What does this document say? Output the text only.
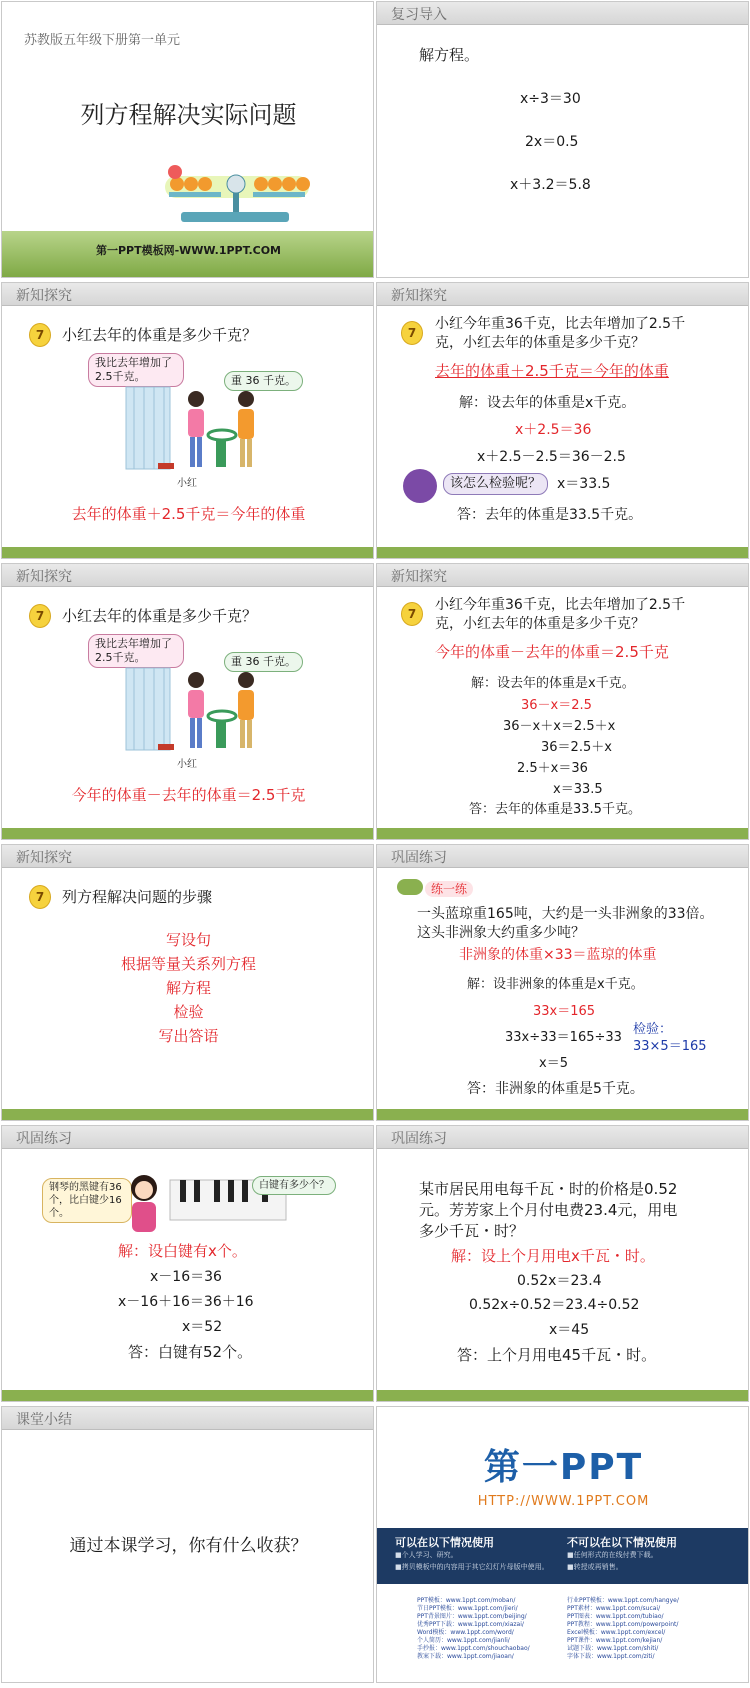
苏教版五年级下册第一单元
列方程解决实际问题
第一PPT模板网-WWW.1PPT.COM
复习导入
解方程。
x÷3＝30
2x＝0.5
x＋3.2＝5.8
新知探究
7	小红去年的体重是多少千克？
我比去年增加了2.5千克。	重 36 千克。
小红
去年的体重＋2.5千克＝今年的体重
新知探究
7
小红今年重36千克，比去年增加了2.5千
克，小红去年的体重是多少千克？
去年的体重＋2.5千克＝今年的体重
解：设去年的体重是x千克。
x＋2.5＝36
x＋2.5－2.5＝36－2.5
该怎么检验呢？	x＝33.5
答：去年的体重是33.5千克。
新知探究
7	小红去年的体重是多少千克？
我比去年增加了2.5千克。	重 36 千克。
小红
今年的体重－去年的体重＝2.5千克
新知探究
7
小红今年重36千克，比去年增加了2.5千
克，小红去年的体重是多少千克？
今年的体重－去年的体重＝2.5千克
解：设去年的体重是x千克。
36－x＝2.5
36－x＋x＝2.5＋x
36＝2.5＋x
2.5＋x＝36
x＝33.5
答：去年的体重是33.5千克。
新知探究
7	列方程解决问题的步骤
写设句
根据等量关系列方程
解方程
检验
写出答语
巩固练习
练一练
一头蓝琼重165吨，大约是一头非洲象的33倍。
这头非洲象大约重多少吨？
非洲象的体重×33＝蓝琼的体重
解：设非洲象的体重是x千克。
33x＝165
33x÷33＝165÷33
检验：
33×5＝165
x＝5
答：非洲象的体重是5千克。
巩固练习
钢琴的黑键有36个，比白键少16个。
白键有多少个？
解：设白键有x个。
x－16＝36
x－16＋16＝36＋16
x＝52
答：白键有52个。
巩固练习
某市居民用电每千瓦・时的价格是0.52
元。芳芳家上个月付电费23.4元，用电
多少千瓦・时？
解：设上个月用电x千瓦・时。
0.52x＝23.4
0.52x÷0.52＝23.4÷0.52
x＝45
答：上个月用电45千瓦・时。
课堂小结
通过本课学习，你有什么收获？
第一PPT
HTTP://WWW.1PPT.COM
可以在以下情况使用
■个人学习、研究。
■拷贝模板中的内容用于其它幻灯片母版中使用。
不可以在以下情况使用
■任何形式的在线付费下载。
■转授或再销售。
PPT模板：www.1ppt.com/moban/
节日PPT模板：www.1ppt.com/jieri/
PPT背景图片：www.1ppt.com/beijing/
优秀PPT下载：www.1ppt.com/xiazai/
Word模板：www.1ppt.com/word/
个人简历：www.1ppt.com/jianli/
手抄报：www.1ppt.com/shouchaobao/
教案下载：www.1ppt.com/jiaoan/
行业PPT模板：www.1ppt.com/hangye/
PPT素材：www.1ppt.com/sucai/
PPT图表：www.1ppt.com/tubiao/
PPT教程：www.1ppt.com/powerpoint/
Excel模板：www.1ppt.com/excel/
PPT课件：www.1ppt.com/kejian/
试题下载：www.1ppt.com/shiti/
字体下载：www.1ppt.com/ziti/
